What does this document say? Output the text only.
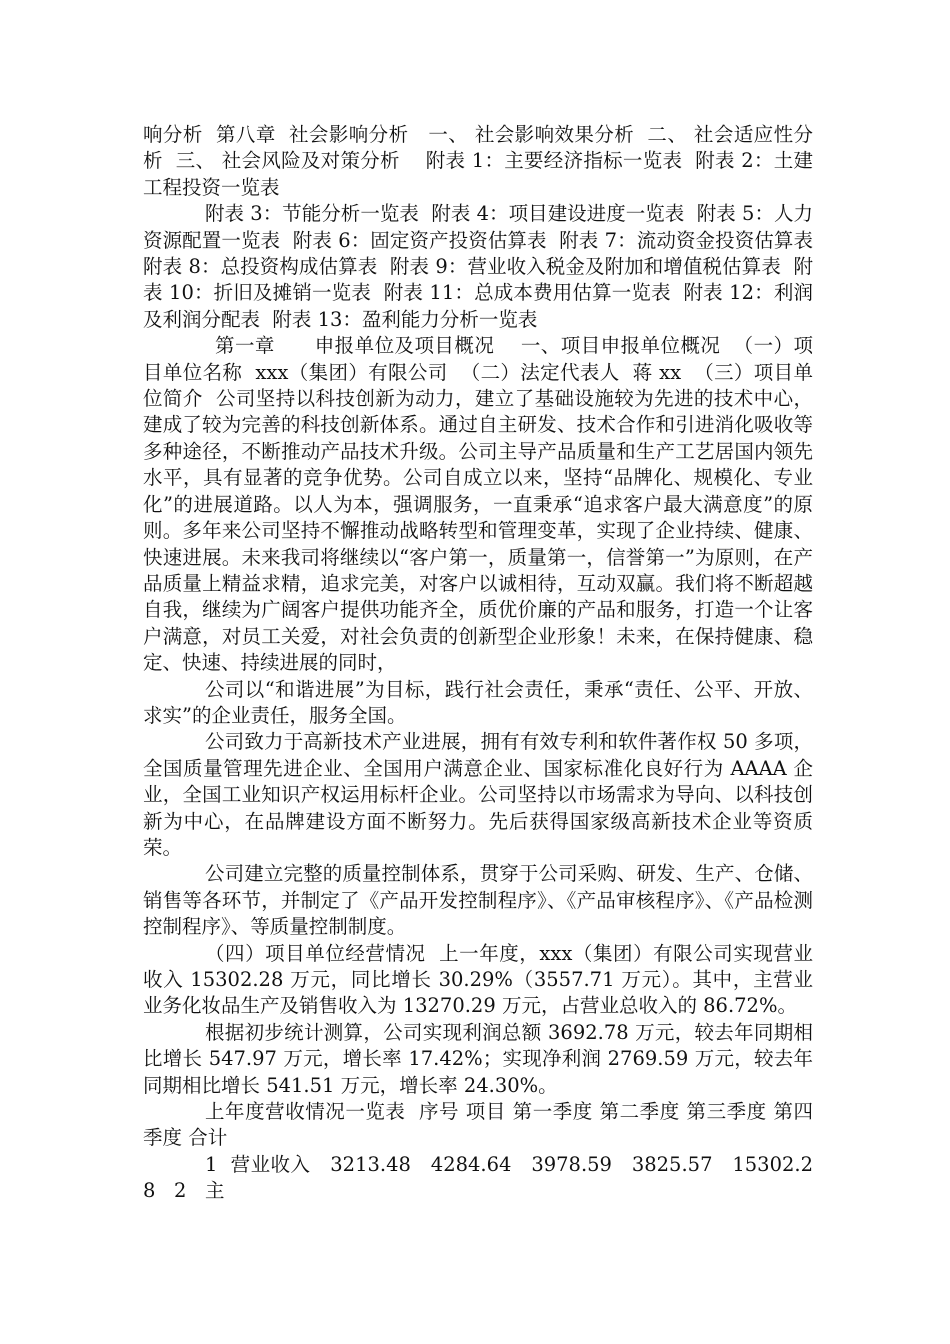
响分析  第八章  社会影响分析   一、 社会影响效果分析  二、 社会适应性分析  三、 社会风险及对策分析    附表 1：主要经济指标一览表  附表 2：土建工程投资一览表

附表 3：节能分析一览表  附表 4：项目建设进度一览表  附表 5：人力资源配置一览表  附表 6：固定资产投资估算表  附表 7：流动资金投资估算表  附表 8：总投资构成估算表  附表 9：营业收入税金及附加和增值税估算表  附表 10：折旧及摊销一览表  附表 11：总成本费用估算一览表  附表 12：利润及利润分配表  附表 13：盈利能力分析一览表

第一章      申报单位及项目概况    一、项目申报单位概况  （一）项目单位名称  xxx（集团）有限公司  （二）法定代表人  蒋 xx  （三）项目单位简介  公司坚持以科技创新为动力，建立了基础设施较为先进的技术中心，建成了较为完善的科技创新体系。通过自主研发、技术合作和引进消化吸收等多种途径，不断推动产品技术升级。公司主导产品质量和生产工艺居国内领先水平，具有显著的竞争优势。公司自成立以来，坚持“品牌化、规模化、专业化”的进展道路。以人为本，强调服务，一直秉承“追求客户最大满意度”的原则。多年来公司坚持不懈推动战略转型和管理变革，实现了企业持续、健康、快速进展。未来我司将继续以“客户第一，质量第一，信誉第一”为原则，在产品质量上精益求精，追求完美，对客户以诚相待，互动双赢。我们将不断超越自我，继续为广阔客户提供功能齐全，质优价廉的产品和服务，打造一个让客户满意，对员工关爱，对社会负责的创新型企业形象！未来，在保持健康、稳定、快速、持续进展的同时，

公司以“和谐进展”为目标，践行社会责任，秉承“责任、公平、开放、求实”的企业责任，服务全国。

公司致力于高新技术产业进展，拥有有效专利和软件著作权 50 多项，全国质量管理先进企业、全国用户满意企业、国家标准化良好行为 AAAA 企业，全国工业知识产权运用标杆企业。公司坚持以市场需求为导向、以科技创新为中心，在品牌建设方面不断努力。先后获得国家级高新技术企业等资质荣。

公司建立完整的质量控制体系，贯穿于公司采购、研发、生产、仓储、销售等各环节，并制定了《产品开发控制程序》、《产品审核程序》、《产品检测控制程序》、等质量控制制度。

（四）项目单位经营情况  上一年度，xxx（集团）有限公司实现营业收入 15302.28 万元，同比增长 30.29%（3557.71 万元）。其中，主营业业务化妆品生产及销售收入为 13270.29 万元，占营业总收入的 86.72%。

根据初步统计测算，公司实现利润总额 3692.78 万元，较去年同期相比增长 547.97 万元，增长率 17.42%；实现净利润 2769.59 万元，较去年同期相比增长 541.51 万元，增长率 24.30%。

上年度营收情况一览表  序号 项目 第一季度 第二季度 第三季度 第四季度 合计

1  营业收入   3213.48   4284.64   3978.59   3825.57   15302.28   2   主
